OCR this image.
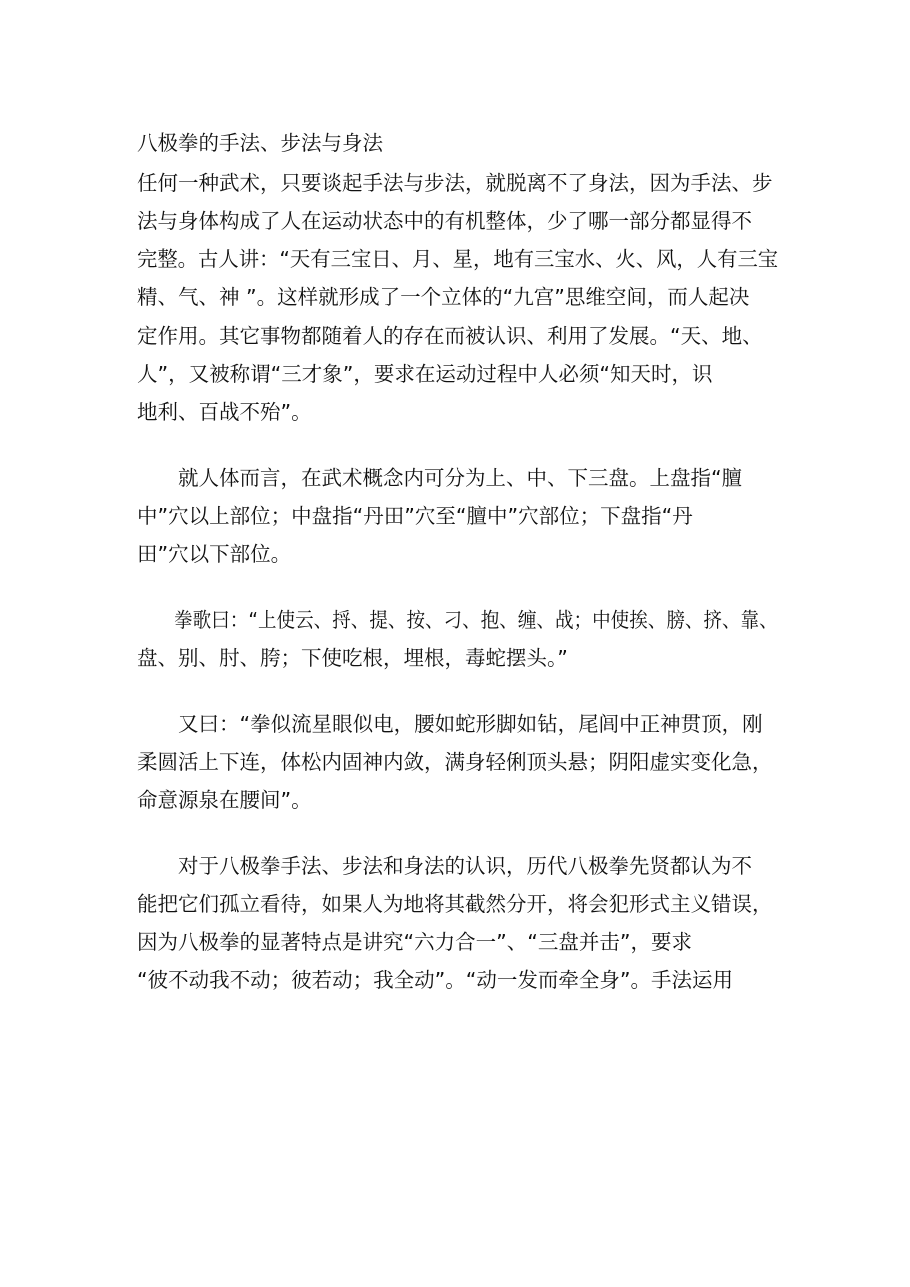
八极拳的手法、步法与身法
任何一种武术，只要谈起手法与步法，就脱离不了身法，因为手法、步
法与身体构成了人在运动状态中的有机整体，少了哪一部分都显得不
完整。古人讲：“天有三宝日、月、星，地有三宝水、火、风，人有三宝
精、气、神 ”。这样就形成了一个立体的“九宫”思维空间，而人起决
定作用。其它事物都随着人的存在而被认识、利用了发展。“天、地、
人”，又被称谓“三才象”，要求在运动过程中人必须“知天时，识
地利、百战不殆”。
　　就人体而言，在武术概念内可分为上、中、下三盘。上盘指“膻
中”穴以上部位；中盘指“丹田”穴至“膻中”穴部位；下盘指“丹
田”穴以下部位。
　　拳歌曰：“上使云、捋、提、按、刁、抱、缠、战；中使挨、膀、挤、靠、
盘、别、肘、胯；下使吃根，埋根，毒蛇摆头。”
　　又曰：“拳似流星眼似电，腰如蛇形脚如钻，尾闾中正神贯顶，刚
柔圆活上下连，体松内固神内敛，满身轻俐顶头悬；阴阳虚实变化急，
命意源泉在腰间”。
　　对于八极拳手法、步法和身法的认识，历代八极拳先贤都认为不
能把它们孤立看待，如果人为地将其截然分开，将会犯形式主义错误，
因为八极拳的显著特点是讲究“六力合一”、“三盘并击”，要求
“彼不动我不动；彼若动；我全动”。“动一发而牵全身”。手法运用
